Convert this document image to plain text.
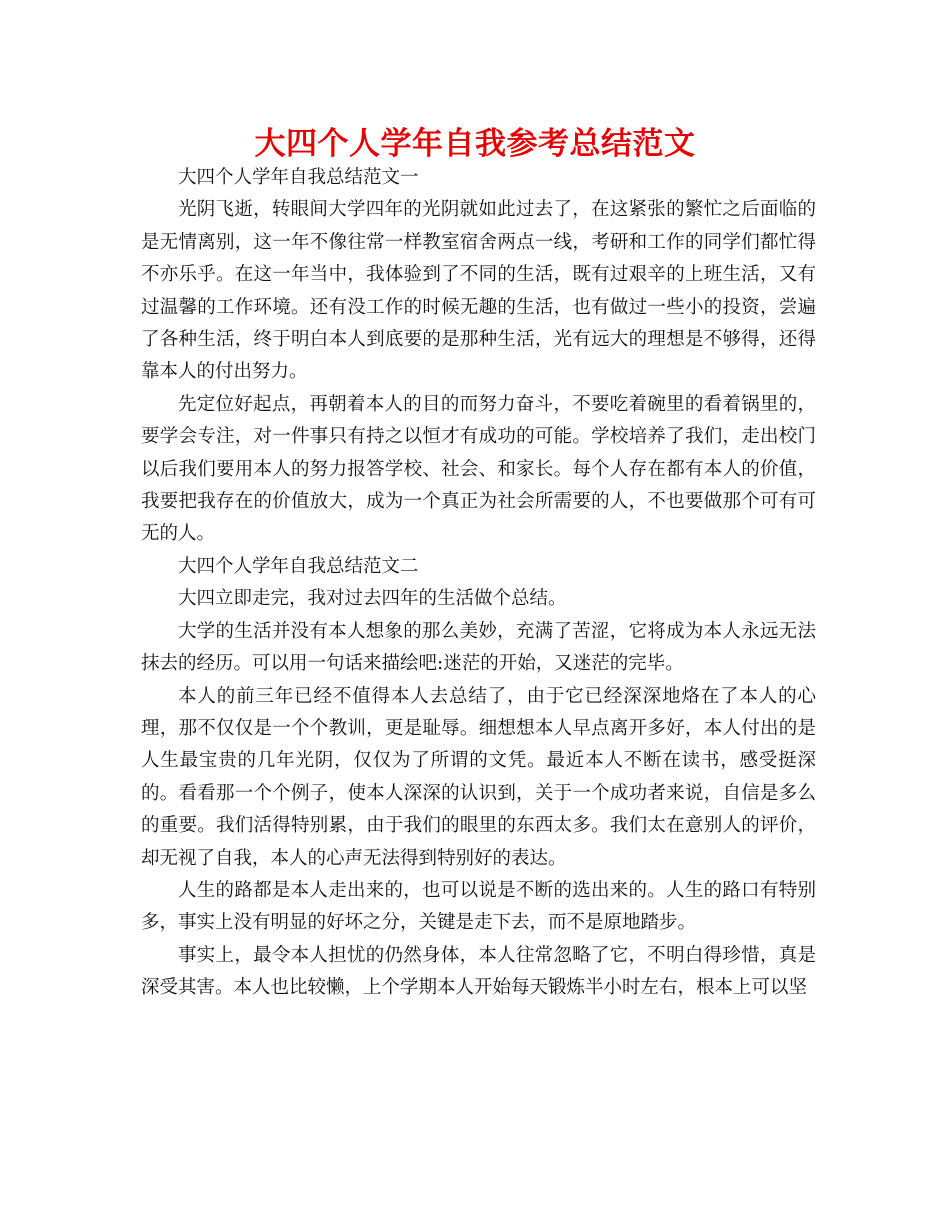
大四个人学年自我参考总结范文

大四个人学年自我总结范文一

光阴飞逝，转眼间大学四年的光阴就如此过去了，在这紧张的繁忙之后面临的是无情离别，这一年不像往常一样教室宿舍两点一线，考研和工作的同学们都忙得不亦乐乎。在这一年当中，我体验到了不同的生活，既有过艰辛的上班生活，又有过温馨的工作环境。还有没工作的时候无趣的生活，也有做过一些小的投资，尝遍了各种生活，终于明白本人到底要的是那种生活，光有远大的理想是不够得，还得靠本人的付出努力。

先定位好起点，再朝着本人的目的而努力奋斗，不要吃着碗里的看着锅里的，要学会专注，对一件事只有持之以恒才有成功的可能。学校培养了我们，走出校门以后我们要用本人的努力报答学校、社会、和家长。每个人存在都有本人的价值，我要把我存在的价值放大，成为一个真正为社会所需要的人，不也要做那个可有可无的人。

大四个人学年自我总结范文二

大四立即走完，我对过去四年的生活做个总结。

大学的生活并没有本人想象的那么美妙，充满了苦涩，它将成为本人永远无法抹去的经历。可以用一句话来描绘吧:迷茫的开始，又迷茫的完毕。

本人的前三年已经不值得本人去总结了，由于它已经深深地烙在了本人的心理，那不仅仅是一个个教训，更是耻辱。细想想本人早点离开多好，本人付出的是人生最宝贵的几年光阴，仅仅为了所谓的文凭。最近本人不断在读书，感受挺深的。看看那一个个例子，使本人深深的认识到，关于一个成功者来说，自信是多么的重要。我们活得特别累，由于我们的眼里的东西太多。我们太在意别人的评价，却无视了自我，本人的心声无法得到特别好的表达。

人生的路都是本人走出来的，也可以说是不断的选出来的。人生的路口有特别多，事实上没有明显的好坏之分，关键是走下去，而不是原地踏步。

事实上，最令本人担忧的仍然身体，本人往常忽略了它，不明白得珍惜，真是深受其害。本人也比较懒，上个学期本人开始每天锻炼半小时左右，根本上可以坚
